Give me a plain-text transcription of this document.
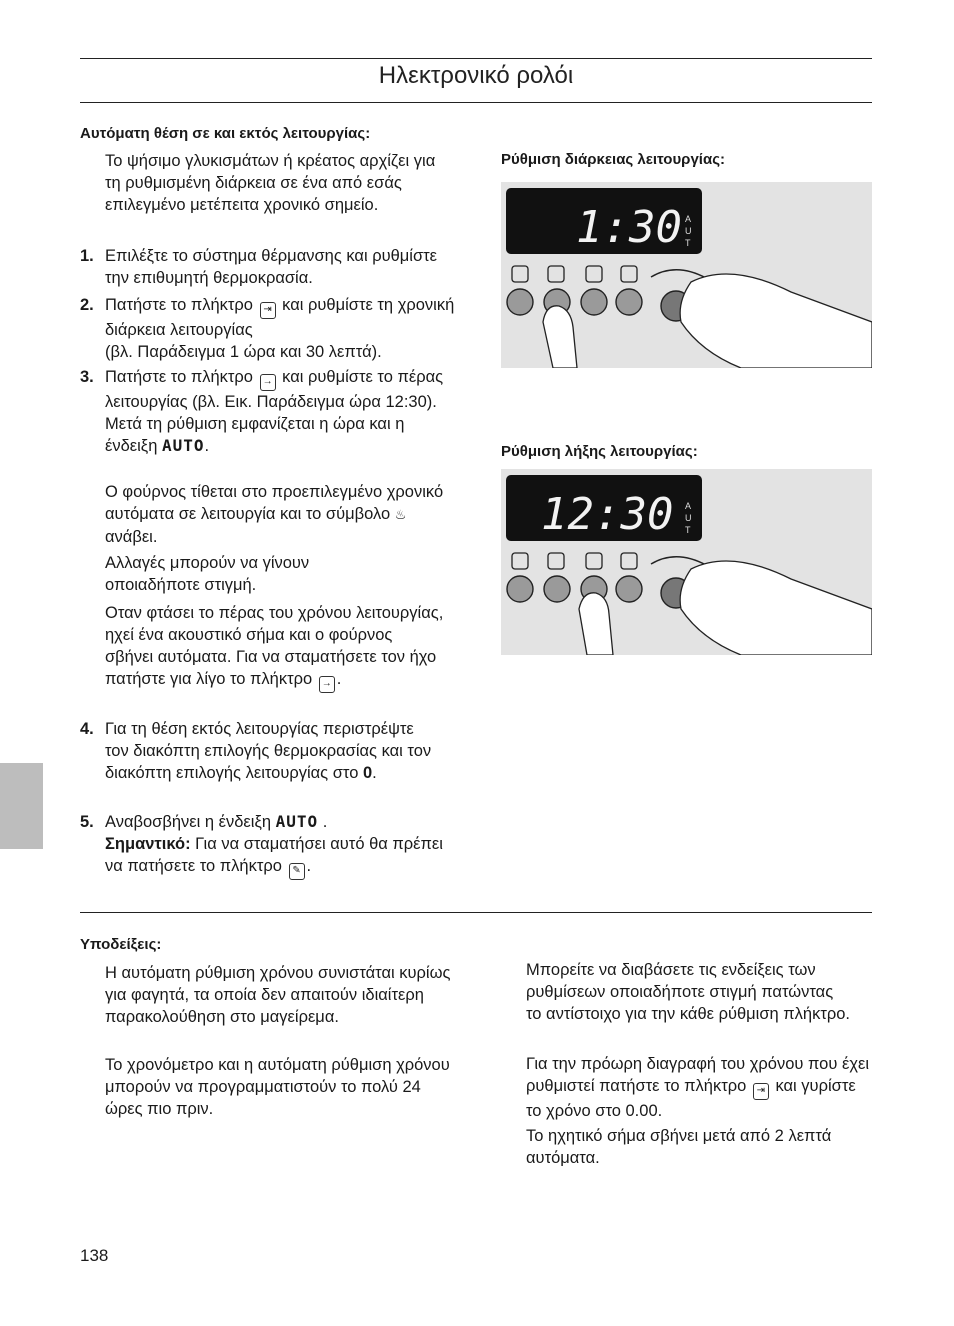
Ηλεκτρονικό ρολόι
Αυτόματη θέση σε και εκτός λειτουργίας:
Το ψήσιμο γλυκισμάτων ή κρέατος αρχίζει για τη ρυθμισμένη διάρκεια σε ένα από εσάς επιλεγμένο μετέπειτα χρονικό σημείο.
1. Επιλέξτε το σύστημα θέρμανσης και ρυθμίστε την επιθυμητή θερμοκρασία.
2. Πατήστε το πλήκτρο ⇥ και ρυθμίστε τη χρονική διάρκεια λειτουργίας
(βλ. Παράδειγμα 1 ώρα και 30 λεπτά).
3. Πατήστε το πλήκτρο → και ρυθμίστε το πέρας λειτουργίας (βλ. Εικ. Παράδειγμα ώρα 12:30).
Μετά τη ρύθμιση εμφανίζεται η ώρα και η ένδειξη AUTO.
Ο φούρνος τίθεται στο προεπιλεγμένο χρονικό αυτόματα σε λειτουργία και το σύμβολο ♨ ανάβει.
Αλλαγές μπορούν να γίνουν οποιαδήποτε στιγμή.
Οταν φτάσει το πέρας του χρόνου λειτουργίας, ηχεί ένα ακουστικό σήμα και ο φούρνος σβήνει αυτόματα. Για να σταματήσετε τον ήχο πατήστε για λίγο το πλήκτρο → .
4. Για τη θέση εκτός λειτουργίας περιστρέψτε τον διακόπτη επιλογής θερμοκρασίας και τον διακόπτη επιλογής λειτουργίας στο 0.
5. Αναβοσβήνει η ένδειξη AUTO .
Σημαντικό: Για να σταματήσει αυτό θα πρέπει να πατήσετε το πλήκτρο ✎ .
Ρύθμιση διάρκειας λειτουργίας:
1:30 A
U
T
Ρύθμιση λήξης λειτουργίας:
12:30 A
U
T
Υποδείξεις:
Η αυτόματη ρύθμιση χρόνου συνιστάται κυρίως για φαγητά, τα οποία δεν απαιτούν ιδιαίτερη παρακολούθηση στο μαγείρεμα.
Το χρονόμετρο και η αυτόματη ρύθμιση χρόνου μπορούν να προγραμματιστούν το πολύ 24 ώρες πιο πριν.
Μπορείτε να διαβάσετε τις ενδείξεις των ρυθμίσεων οποιαδήποτε στιγμή πατώντας το αντίστοιχο για την κάθε ρύθμιση πλήκτρο.
Για την πρόωρη διαγραφή του χρόνου που έχει ρυθμιστεί πατήστε το πλήκτρο ⇥ και γυρίστε το χρόνο στο 0.00.
Το ηχητικό σήμα σβήνει μετά από 2 λεπτά αυτόματα.
138
